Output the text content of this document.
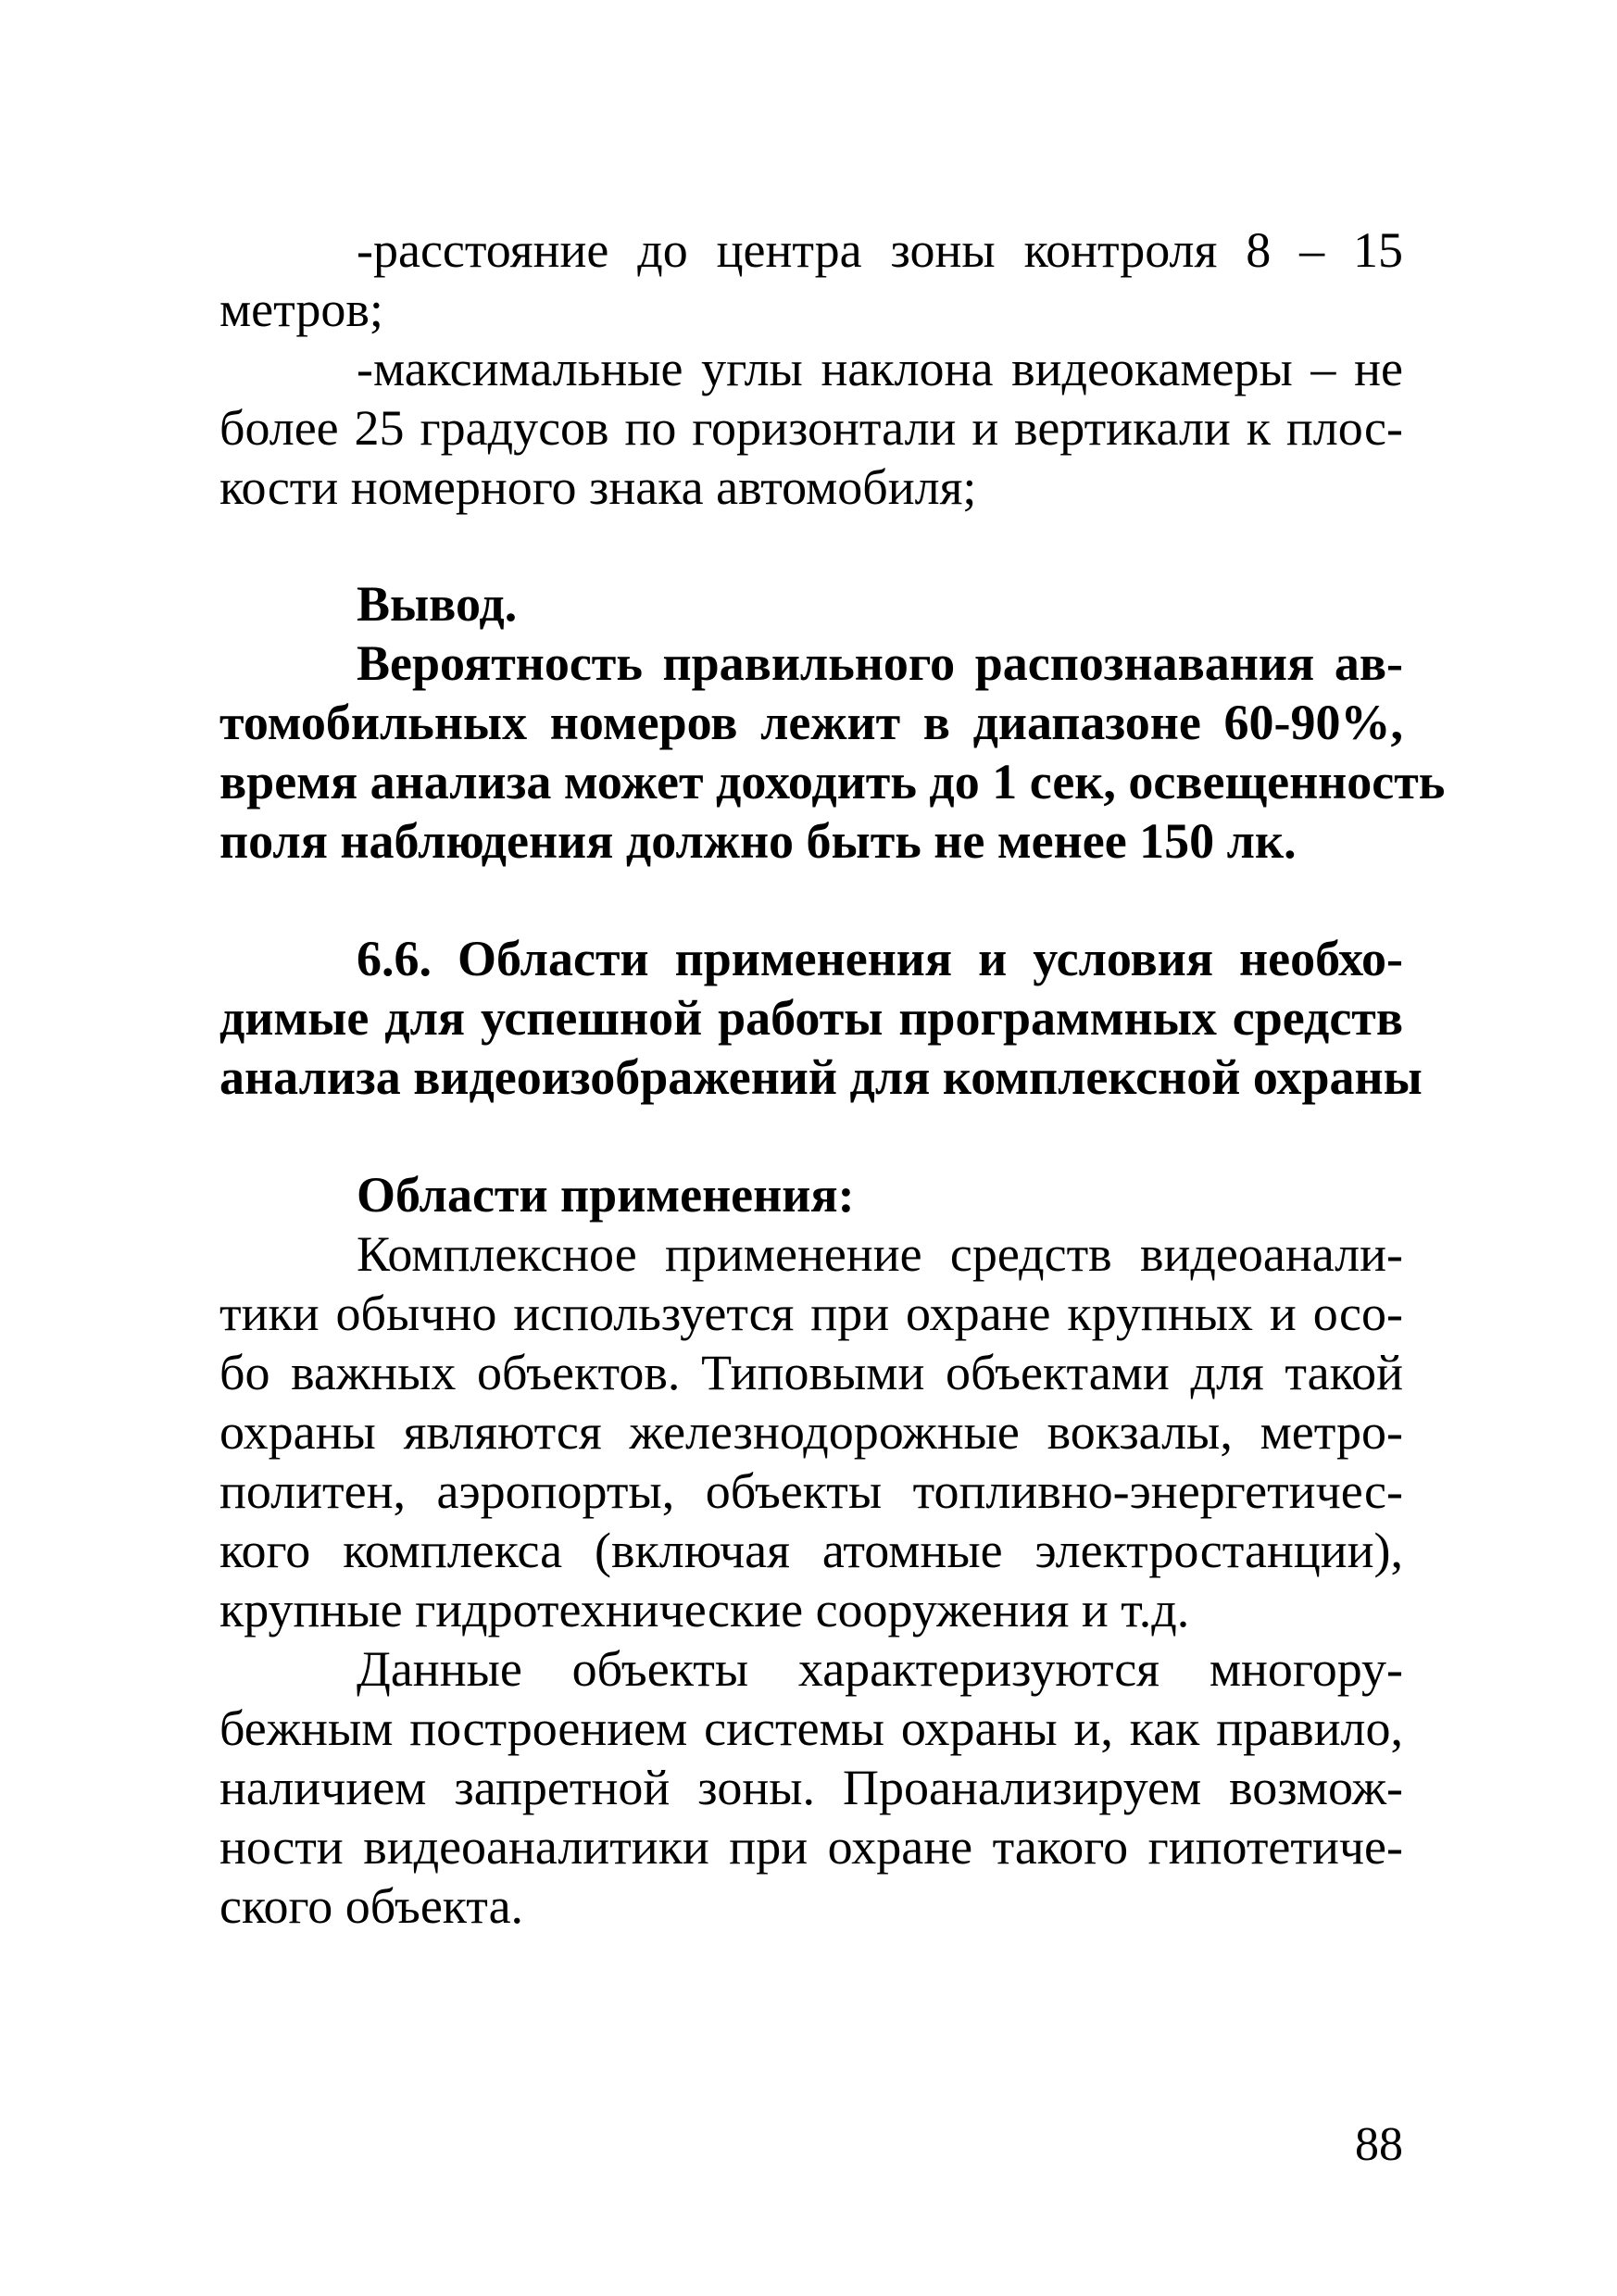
-расстояние до центра зоны контроля 8 – 15
метров;
-максимальные углы наклона видеокамеры – не
более 25 градусов по горизонтали и вертикали к плос-
кости номерного знака автомобиля;
Вывод.
Вероятность правильного распознавания ав-
томобильных номеров лежит в диапазоне 60-90%,
время анализа может доходить до 1 сек, освещенность
поля наблюдения должно быть не менее 150 лк.
6.6. Области применения и условия необхо-
димые для успешной работы программных средств
анализа видеоизображений для комплексной охраны
Области применения:
Комплексное применение средств видеоанали-
тики обычно используется при охране крупных и осо-
бо важных объектов. Типовыми объектами для такой
охраны являются железнодорожные вокзалы, метро-
политен, аэропорты, объекты топливно-энергетичес-
кого комплекса (включая атомные электростанции),
крупные гидротехнические сооружения и т.д.
Данные объекты характеризуются многору-
бежным построением системы охраны и, как правило,
наличием запретной зоны. Проанализируем возмож-
ности видеоаналитики при охране такого гипотетиче-
ского объекта.
88
